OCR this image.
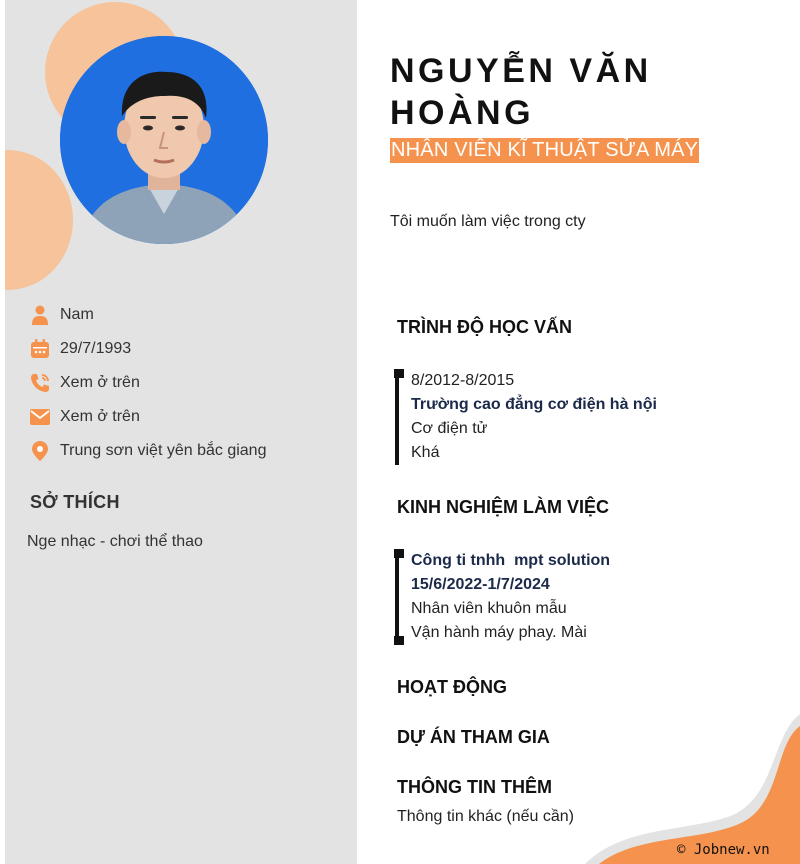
Nam
29/7/1993
Xem ở trên
Xem ở trên
Trung sơn việt yên bắc giang
SỞ THÍCH
Nge nhạc - chơi thể thao
NGUYỄN VĂN HOÀNG
NHÂN VIÊN KĨ THUẬT SỬA MÁY
Tôi muốn làm việc trong cty
TRÌNH ĐỘ HỌC VẤN
8/2012-8/2015
Trường cao đẳng cơ điện hà nội
Cơ điện tử
Khá
KINH NGHIỆM LÀM VIỆC
Công ti tnhh  mpt solution
15/6/2022-1/7/2024
Nhân viên khuôn mẫu
Vận hành máy phay. Mài
HOẠT ĐỘNG
DỰ ÁN THAM GIA
THÔNG TIN THÊM
Thông tin khác (nếu cần)
© Jobnew.vn
